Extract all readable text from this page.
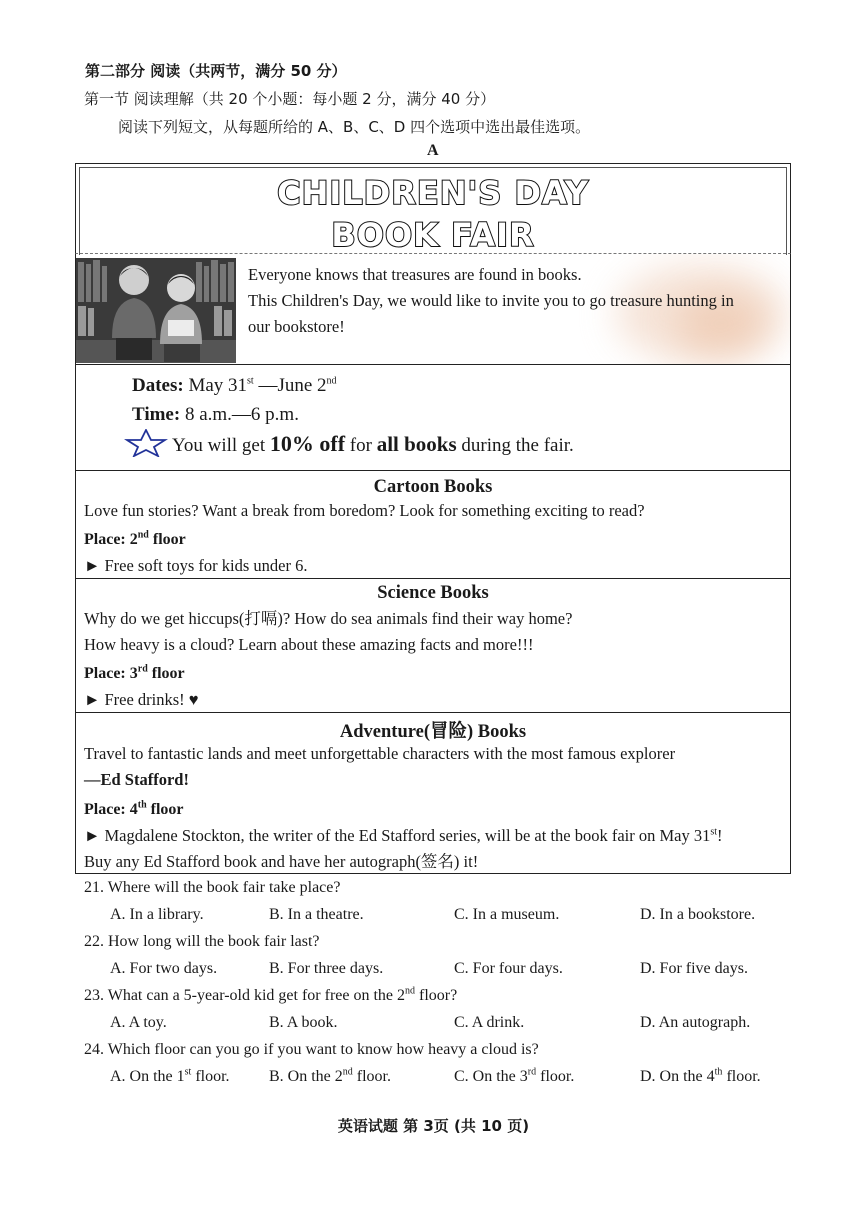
第二部分 阅读（共两节，满分 50 分）
第一节 阅读理解（共 20 个小题：每小题 2 分，满分 40 分）
阅读下列短文，从每题所给的 A、B、C、D 四个选项中选出最佳选项。
A
CHILDREN'S DAY
BOOK FAIR
Everyone knows that treasures are found in books.
This Children's Day, we would like to invite you to go treasure hunting in
our bookstore!
Dates: May 31st —June 2nd
Time: 8 a.m.—6 p.m.
You will get 10% off for all books during the fair.
Cartoon Books
Love fun stories? Want a break from boredom? Look for something exciting to read?
Place: 2nd floor
► Free soft toys for kids under 6.
Science Books
Why do we get hiccups(打嗝)? How do sea animals find their way home?
How heavy is a cloud? Learn about these amazing facts and more!!!
Place: 3rd floor
► Free drinks! ♥
Adventure(冒险) Books
Travel to fantastic lands and meet unforgettable characters with the most famous explorer
—Ed Stafford!
Place: 4th floor
► Magdalene Stockton, the writer of the Ed Stafford series, will be at the book fair on May 31st!
Buy any Ed Stafford book and have her autograph(签名) it!
21. Where will the book fair take place?
A. In a library.	B. In a theatre.	C. In a museum.	D. In a bookstore.
22. How long will the book fair last?
A. For two days.	B. For three days.	C. For four days.	D. For five days.
23. What can a 5-year-old kid get for free on the 2nd floor?
A. A toy.	B. A book.	C. A drink.	D. An autograph.
24. Which floor can you go if you want to know how heavy a cloud is?
A. On the 1st floor. B. On the 2nd floor.	C. On the 3rd floor.	D. On the 4th floor.
英语试题 第 3页 (共 10 页)
